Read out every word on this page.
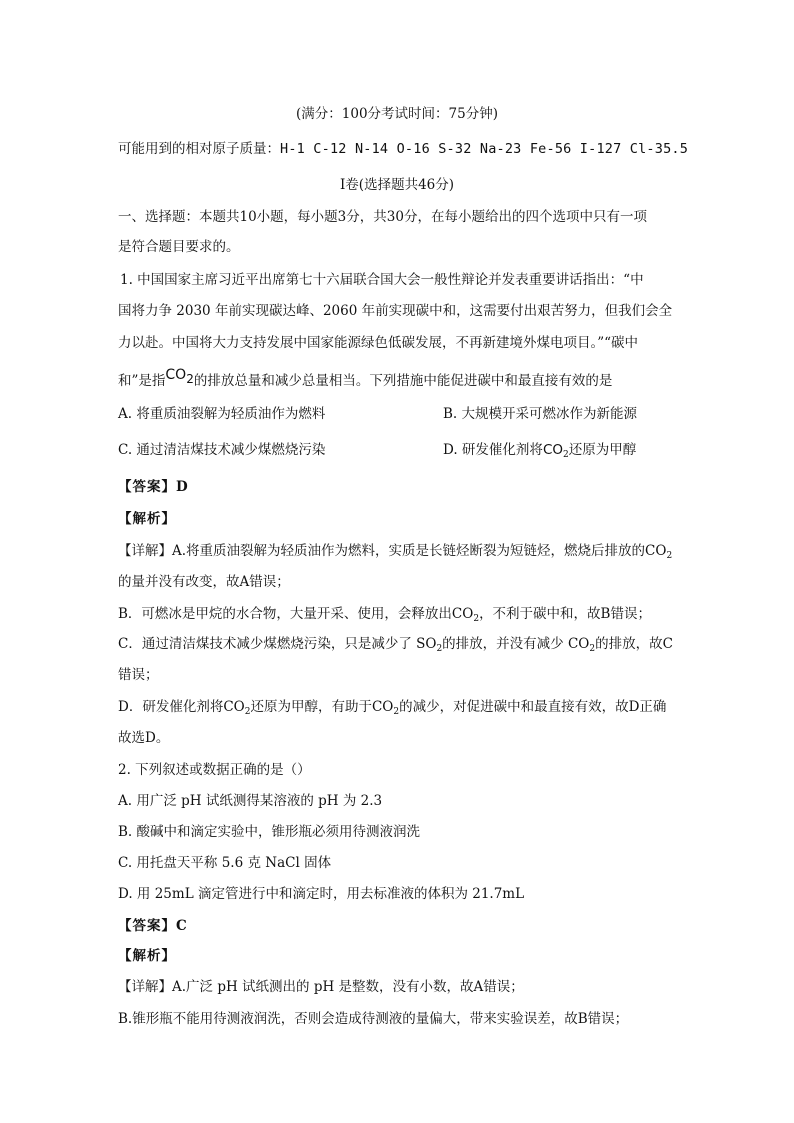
(满分：100分考试时间：75分钟)
可能用到的相对原子质量：H-1 C-12 N-14 O-16 S-32 Na-23 Fe-56 I-127 Cl-35.5
I卷(选择题共46分)
一、选择题：本题共10小题，每小题3分，共30分，在每小题给出的四个选项中只有一项
是符合题目要求的。
1. 中国国家主席习近平出席第七十六届联合国大会一般性辩论并发表重要讲话指出：“中
国将力争 2030 年前实现碳达峰、2060 年前实现碳中和，这需要付出艰苦努力，但我们会全
力以赴。中国将大力支持发展中国家能源绿色低碳发展，不再新建境外煤电项目。”“碳中
和”是指CO2的排放总量和减少总量相当。下列措施中能促进碳中和最直接有效的是
A. 将重质油裂解为轻质油作为燃料	B. 大规模开采可燃冰作为新能源
C. 通过清洁煤技术减少煤燃烧污染	D. 研发催化剂将$CO_2$还原为甲醇
【答案】D
【解析】
【详解】A.将重质油裂解为轻质油作为燃料，实质是长链烃断裂为短链烃，燃烧后排放的$CO_2$
的量并没有改变，故A错误；
B．可燃冰是甲烷的水合物，大量开采、使用，会释放出$CO_2$，不利于碳中和，故B错误；
C．通过清洁煤技术减少煤燃烧污染，只是减少了 $SO_2$的排放，并没有减少 $CO_2$的排放，故C
错误；
D．研发催化剂将$CO_2$还原为甲醇，有助于$CO_2$的减少，对促进碳中和最直接有效，故D正确
故选D。
2. 下列叙述或数据正确的是（）
A. 用广泛 pH 试纸测得某溶液的 pH 为 2.3
B. 酸碱中和滴定实验中，锥形瓶必须用待测液润洗
C. 用托盘天平称 5.6 克 NaCl 固体
D. 用 25mL 滴定管进行中和滴定时，用去标准液的体积为 21.7mL
【答案】C
【解析】
【详解】A.广泛 pH 试纸测出的 pH 是整数，没有小数，故A错误；
B.锥形瓶不能用待测液润洗，否则会造成待测液的量偏大，带来实验误差，故B错误；
